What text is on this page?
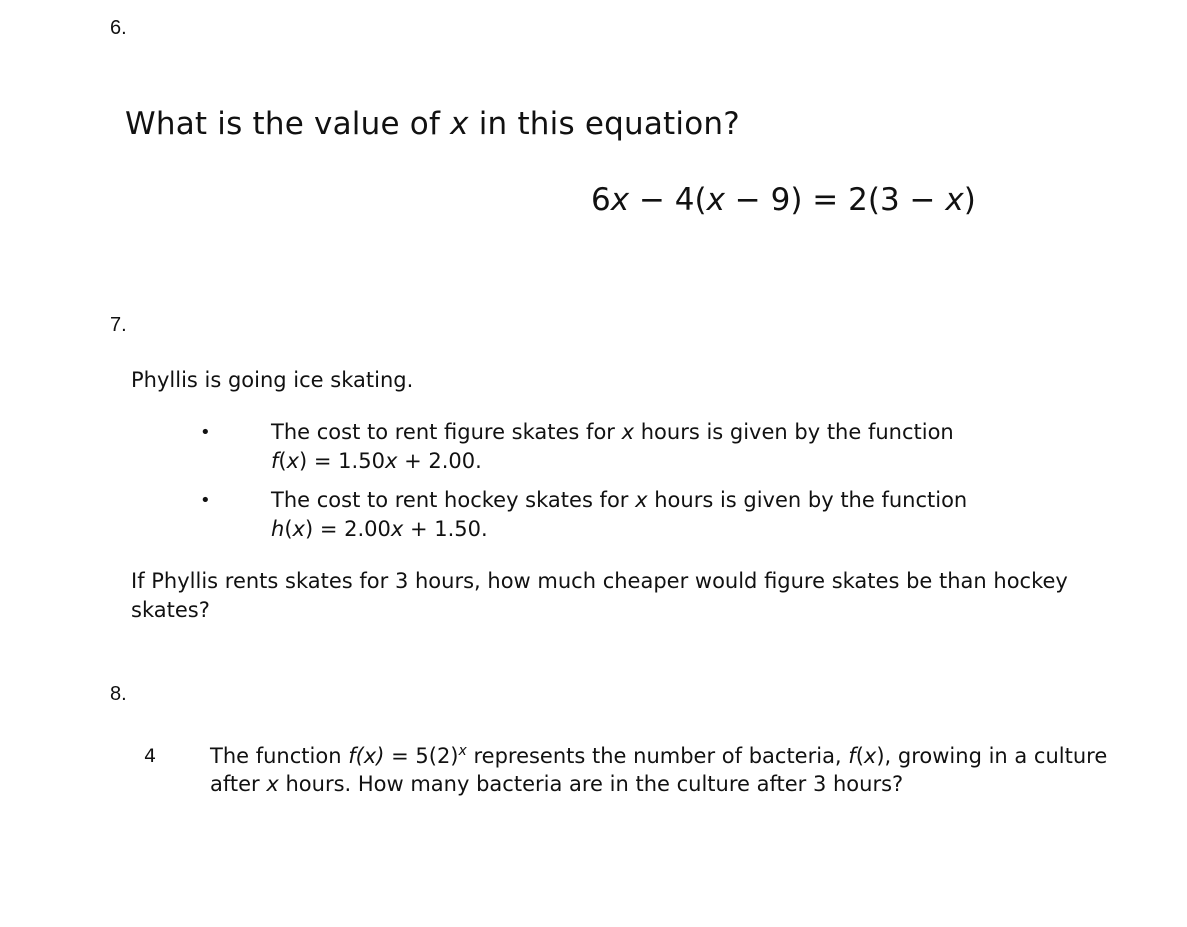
6.
What is the value of x in this equation?
6x − 4(x − 9) = 2(3 − x)
7.
Phyllis is going ice skating.
•	The cost to rent figure skates for x hours is given by the function
f(x) = 1.50x + 2.00.
•	The cost to rent hockey skates for x hours is given by the function
h(x) = 2.00x + 1.50.
If Phyllis rents skates for 3 hours, how much cheaper would figure skates be than hockey skates?
8.
4	The function $f(x) = 5(2)^x$ represents the number of bacteria, f(x), growing in a culture after x hours. How many bacteria are in the culture after 3 hours?
